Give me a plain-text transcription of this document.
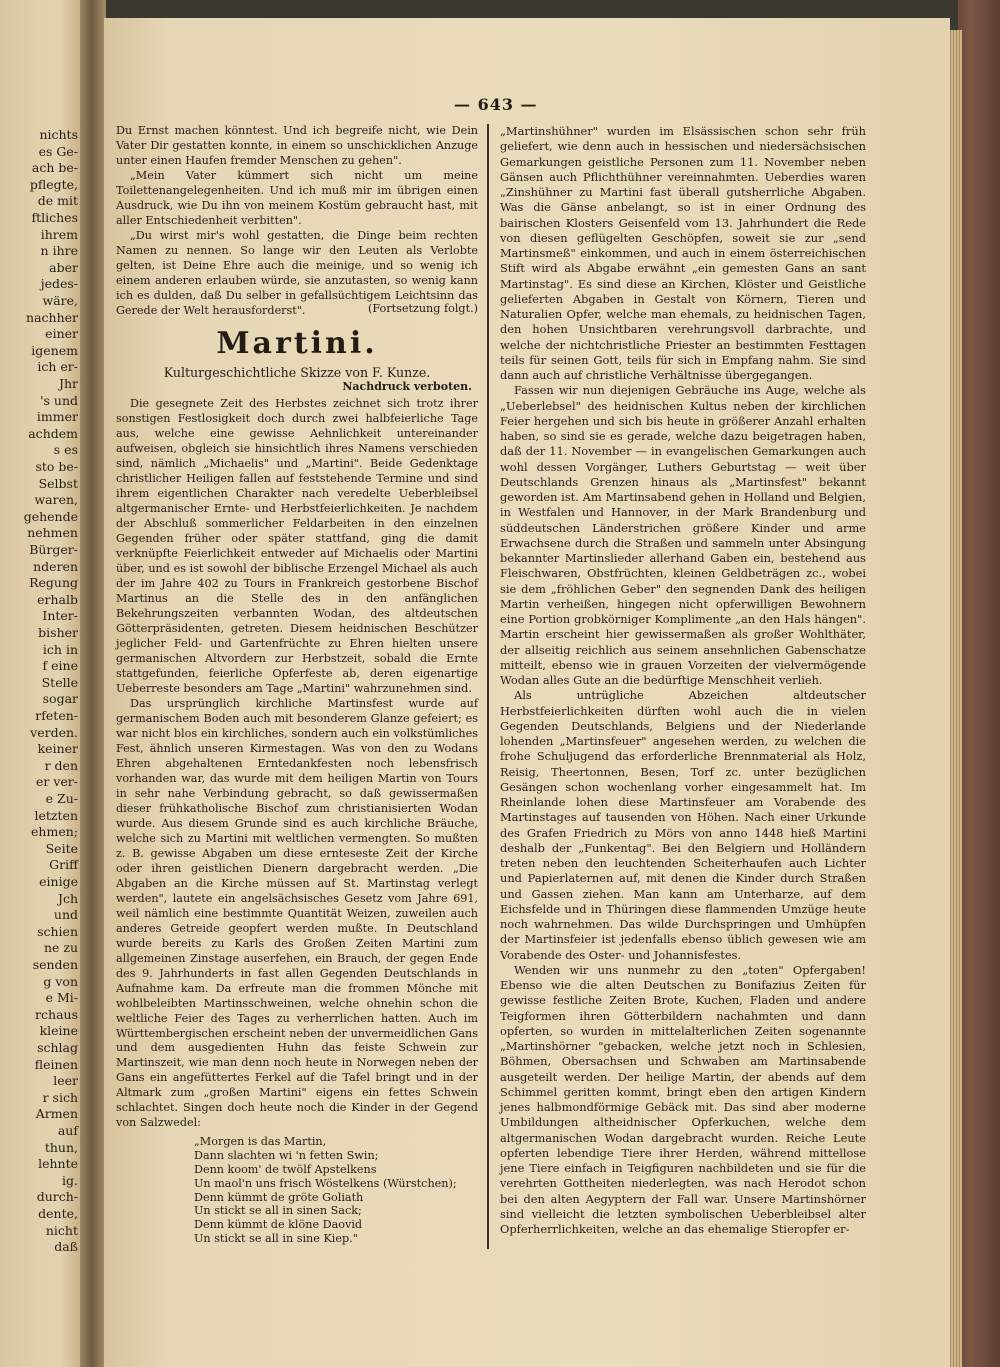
nichts
es Ge-
ach be-
pflegte,
de mit
ftliches
ihrem
n ihre
aber
jedes-
wäre,
nachher
einer
igenem
ich er-
Jhr
's und
immer
achdem
s es
sto be-
Selbst
waren,
gehende
nehmen
Bürger-
nderen
Regung
erhalb
Inter-
bisher
ich in
f eine
Stelle
sogar
rfeten-
verden.
keiner
r den
er ver-
e Zu-
letzten
ehmen;
Seite
Griff
einige
Jch
und
schien
ne zu
senden
g von
e Mi-
rchaus
kleine
schlag
fleinen
leer
r sich
Armen
auf
thun,
lehnte
ig.
durch-
dente,
nicht
daß
— 643 —

Du Ernst machen könntest. Und ich begreife nicht, wie Dein Vater Dir gestatten konnte, in einem so unschicklichen Anzuge unter einen Haufen fremder Menschen zu gehen".

„Mein Vater kümmert sich nicht um meine Toilettenangelegenheiten. Und ich muß mir im übrigen einen Ausdruck, wie Du ihn von meinem Kostüm gebraucht hast, mit aller Entschiedenheit verbitten".

„Du wirst mir's wohl gestatten, die Dinge beim rechten Namen zu nennen. So lange wir den Leuten als Verlobte gelten, ist Deine Ehre auch die meinige, und so wenig ich einem anderen erlauben würde, sie anzutasten, so wenig kann ich es dulden, daß Du selber in gefallsüchtigem Leichtsinn das Gerede der Welt herausforderst".	(Fortsetzung folgt.)

Martini.

Kulturgeschichtliche Skizze von F. Kunze.

Nachdruck verboten.

Die gesegnete Zeit des Herbstes zeichnet sich trotz ihrer sonstigen Festlosigkeit doch durch zwei halbfeierliche Tage aus, welche eine gewisse Aehnlichkeit untereinander aufweisen, obgleich sie hinsichtlich ihres Namens verschieden sind, nämlich „Michaelis" und „Martini". Beide Gedenktage christlicher Heiligen fallen auf feststehende Termine und sind ihrem eigentlichen Charakter nach veredelte Ueberbleibsel altgermanischer Ernte- und Herbstfeierlichkeiten. Je nachdem der Abschluß sommerlicher Feldarbeiten in den einzelnen Gegenden früher oder später stattfand, ging die damit verknüpfte Feierlichkeit entweder auf Michaelis oder Martini über, und es ist sowohl der biblische Erzengel Michael als auch der im Jahre 402 zu Tours in Frankreich gestorbene Bischof Martinus an die Stelle des in den anfänglichen Bekehrungszeiten verbannten Wodan, des altdeutschen Götterpräsidenten, getreten. Diesem heidnischen Beschützer jeglicher Feld- und Gartenfrüchte zu Ehren hielten unsere germanischen Altvordern zur Herbstzeit, sobald die Ernte stattgefunden, feierliche Opferfeste ab, deren eigenartige Ueberreste besonders am Tage „Martini" wahrzunehmen sind.

Das ursprünglich kirchliche Martinsfest wurde auf germanischem Boden auch mit besonderem Glanze gefeiert; es war nicht blos ein kirchliches, sondern auch ein volkstümliches Fest, ähnlich unseren Kirmestagen. Was von den zu Wodans Ehren abgehaltenen Erntedankfesten noch lebensfrisch vorhanden war, das wurde mit dem heiligen Martin von Tours in sehr nahe Verbindung gebracht, so daß gewissermaßen dieser frühkatholische Bischof zum christianisierten Wodan wurde. Aus diesem Grunde sind es auch kirchliche Bräuche, welche sich zu Martini mit weltlichen vermengten. So mußten z. B. gewisse Abgaben um diese ernteseste Zeit der Kirche oder ihren geistlichen Dienern dargebracht werden. „Die Abgaben an die Kirche müssen auf St. Martinstag verlegt werden", lautete ein angelsächsisches Gesetz vom Jahre 691, weil nämlich eine bestimmte Quantität Weizen, zuweilen auch anderes Getreide geopfert werden mußte. In Deutschland wurde bereits zu Karls des Großen Zeiten Martini zum allgemeinen Zinstage auserfehen, ein Brauch, der gegen Ende des 9. Jahrhunderts in fast allen Gegenden Deutschlands in Aufnahme kam. Da erfreute man die frommen Mönche mit wohlbeleibten Martinsschweinen, welche ohnehin schon die weltliche Feier des Tages zu verherrlichen hatten. Auch im Württembergischen erscheint neben der unvermeidlichen Gans und dem ausgedienten Huhn das feiste Schwein zur Martinszeit, wie man denn noch heute in Norwegen neben der Gans ein angefüttertes Ferkel auf die Tafel bringt und in der Altmark zum „großen Martini" eigens ein fettes Schwein schlachtet. Singen doch heute noch die Kinder in der Gegend von Salzwedel:

„Morgen is das Martin,
Dann slachten wi 'n fetten Swin;
Denn koom' de twölf Apstelkens
Un maol'n uns frisch Wöstelkens (Würstchen);
Denn kümmt de gröte Goliath
Un stickt se all in sinen Sack;
Denn kümmt de klöne Daovid
Un stickt se all in sine Kiep."

„Martinshühner" wurden im Elsässischen schon sehr früh geliefert, wie denn auch in hessischen und niedersächsischen Gemarkungen geistliche Personen zum 11. November neben Gänsen auch Pflichthühner vereinnahmten. Ueberdies waren „Zinshühner zu Martini fast überall gutsherrliche Abgaben. Was die Gänse anbelangt, so ist in einer Ordnung des bairischen Klosters Geisenfeld vom 13. Jahrhundert die Rede von diesen geflügelten Geschöpfen, soweit sie zur „send Martinsmeß" einkommen, und auch in einem österreichischen Stift wird als Abgabe erwähnt „ein gemesten Gans an sant Martinstag". Es sind diese an Kirchen, Klöster und Geistliche gelieferten Abgaben in Gestalt von Körnern, Tieren und Naturalien Opfer, welche man ehemals, zu heidnischen Tagen, den hohen Unsichtbaren verehrungsvoll darbrachte, und welche der nichtchristliche Priester an bestimmten Festtagen teils für seinen Gott, teils für sich in Empfang nahm. Sie sind dann auch auf christliche Verhältnisse übergegangen.

Fassen wir nun diejenigen Gebräuche ins Auge, welche als „Ueberlebsel" des heidnischen Kultus neben der kirchlichen Feier hergehen und sich bis heute in größerer Anzahl erhalten haben, so sind sie es gerade, welche dazu beigetragen haben, daß der 11. November — in evangelischen Gemarkungen auch wohl dessen Vorgänger, Luthers Geburtstag — weit über Deutschlands Grenzen hinaus als „Martinsfest" bekannt geworden ist. Am Martinsabend gehen in Holland und Belgien, in Westfalen und Hannover, in der Mark Brandenburg und süddeutschen Länderstrichen größere Kinder und arme Erwachsene durch die Straßen und sammeln unter Absingung bekannter Martinslieder allerhand Gaben ein, bestehend aus Fleischwaren, Obstfrüchten, kleinen Geldbeträgen zc., wobei sie dem „fröhlichen Geber" den segnenden Dank des heiligen Martin verheißen, hingegen nicht opferwilligen Bewohnern eine Portion grobkörniger Komplimente „an den Hals hängen". Martin erscheint hier gewissermaßen als großer Wohlthäter, der allseitig reichlich aus seinem ansehnlichen Gabenschatze mitteilt, ebenso wie in grauen Vorzeiten der vielvermögende Wodan alles Gute an die bedürftige Menschheit verlieh.

Als untrügliche Abzeichen altdeutscher Herbstfeierlichkeiten dürften wohl auch die in vielen Gegenden Deutschlands, Belgiens und der Niederlande lohenden „Martinsfeuer" angesehen werden, zu welchen die frohe Schuljugend das erforderliche Brennmaterial als Holz, Reisig, Theertonnen, Besen, Torf zc. unter bezüglichen Gesängen schon wochenlang vorher eingesammelt hat. Im Rheinlande lohen diese Martinsfeuer am Vorabende des Martinstages auf tausenden von Höhen. Nach einer Urkunde des Grafen Friedrich zu Mörs von anno 1448 hieß Martini deshalb der „Funkentag". Bei den Belgiern und Holländern treten neben den leuchtenden Scheiterhaufen auch Lichter und Papierlaternen auf, mit denen die Kinder durch Straßen und Gassen ziehen. Man kann am Unterharze, auf dem Eichsfelde und in Thüringen diese flammenden Umzüge heute noch wahrnehmen. Das wilde Durchspringen und Umhüpfen der Martinsfeier ist jedenfalls ebenso üblich gewesen wie am Vorabende des Oster- und Johannisfestes.

Wenden wir uns nunmehr zu den „toten" Opfergaben! Ebenso wie die alten Deutschen zu Bonifazius Zeiten für gewisse festliche Zeiten Brote, Kuchen, Fladen und andere Teigformen ihren Götterbildern nachahmten und dann opferten, so wurden in mittelalterlichen Zeiten sogenannte „Martinshörner "gebacken, welche jetzt noch in Schlesien, Böhmen, Obersachsen und Schwaben am Martinsabende ausgeteilt werden. Der heilige Martin, der abends auf dem Schimmel geritten kommt, bringt eben den artigen Kindern jenes halbmondförmige Gebäck mit. Das sind aber moderne Umbildungen altheidnischer Opferkuchen, welche dem altgermanischen Wodan dargebracht wurden. Reiche Leute opferten lebendige Tiere ihrer Herden, während mittellose jene Tiere einfach in Teigfiguren nachbildeten und sie für die verehrten Gottheiten niederlegten, was nach Herodot schon bei den alten Aegyptern der Fall war. Unsere Martinshörner sind vielleicht die letzten symbolischen Ueberbleibsel alter Opferherrlichkeiten, welche an das ehemalige Stieropfer er-
